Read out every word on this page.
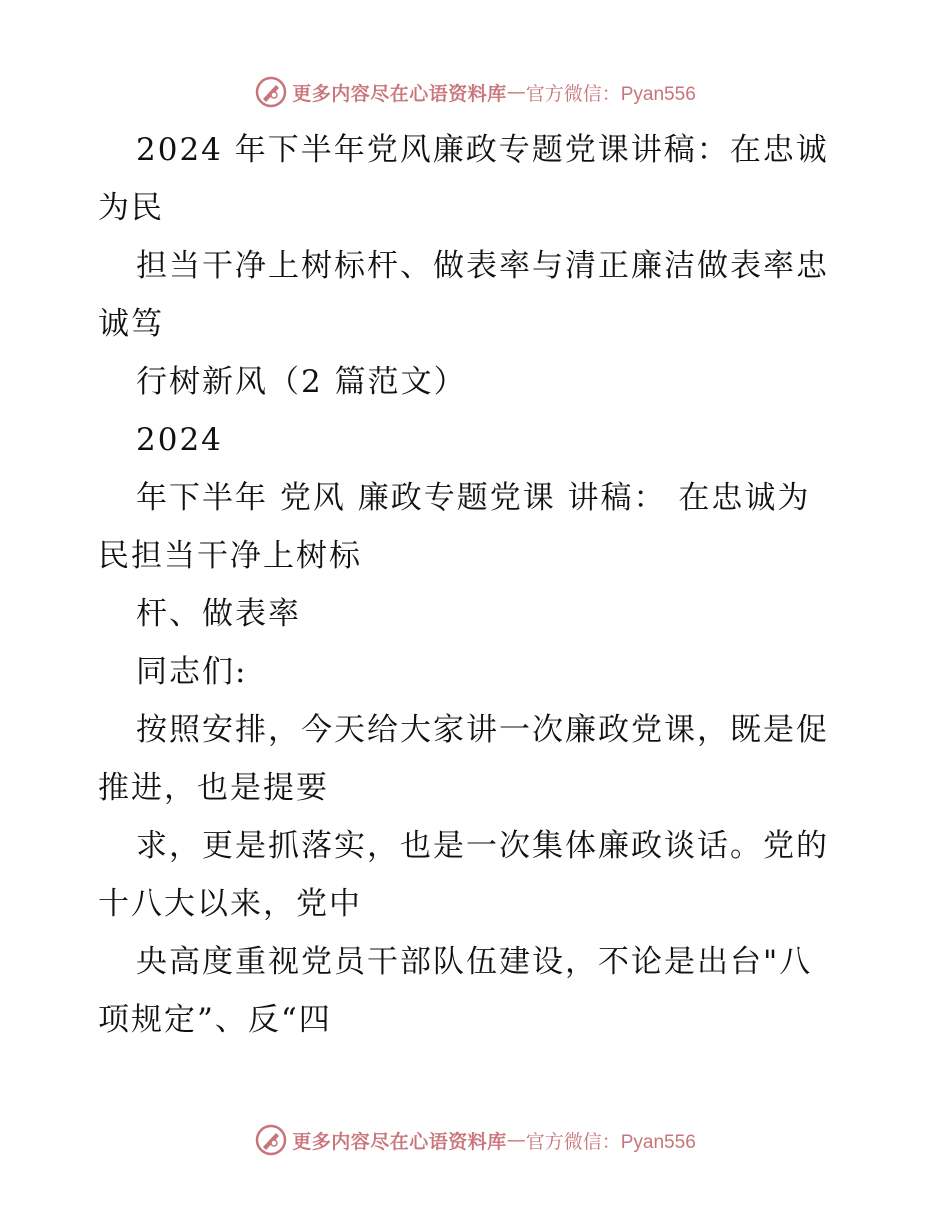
更多内容尽在心语资料库 — 官方微信：Pyan556
2024 年下半年党风廉政专题党课讲稿：在忠诚
为民
担当干净上树标杆、做表率与清正廉洁做表率忠
诚笃
行树新风（2 篇范文）
2024
年下半年 党风 廉政专题党课 讲稿： 在忠诚为
民担当干净上树标
杆、做表率
同志们:
按照安排，今天给大家讲一次廉政党课，既是促
推进，也是提要
求，更是抓落实，也是一次集体廉政谈话。党的
十八大以来，党中
央高度重视党员干部队伍建设，不论是出台"八
项规定”、反“四
更多内容尽在心语资料库 — 官方微信：Pyan556
